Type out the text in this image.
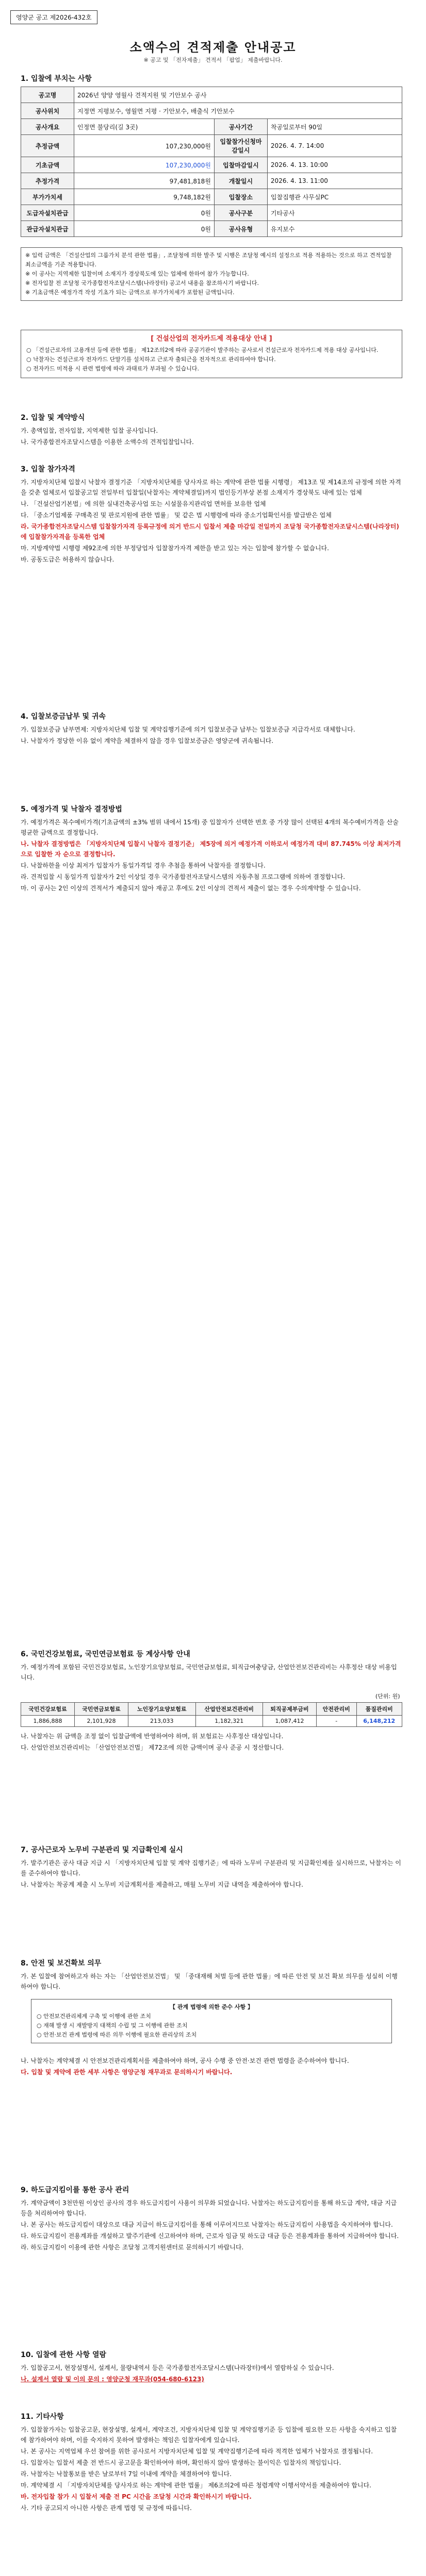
영양군 공고 제2026-432호
소액수의 견적제출 안내공고
※ 공고 및 「전자제출」 견적서 「팝업」 제출바랍니다.
1. 입찰에 부치는 사항
공고명	2026년 양양 영월사 견적지원 및 기안보수 공사		
공사위치	지정면 지평보수, 영월면 지평 · 기안보수, 배출식 기안보수		
공사개요	인정면 불당리(길 3곳)	공사기간	착공일로부터 90일
추정금액	107,230,000원	입찰참가신청마감일시	2026. 4. 7. 14:00
기초금액	107,230,000원	입찰마감일시	2026. 4. 13. 10:00
추정가격	97,481,818원	개찰일시	2026. 4. 13. 11:00
부가가치세	9,748,182원	입찰장소	입찰집행관 사무실PC
도급자설치관급	0원	공사구분	기타공사
관급자설치관급	0원	공사유형	유지보수
※ 입력 금액은 「건설산업의 그룹가치 분석 관한 법률」, 조달청에 의한 발주 및 시행은 조달청 예시의 설정으로 적용 적용하는 것으로 하고 견적입찰 최소금액을 기준 적용합니다.
※ 이 공사는 지역제한 입찰이며 소재지가 경상북도에 있는 업체에 한하여 참가 가능합니다.
※ 전자입찰 전 조달청 국가종합전자조달시스템(나라장터) 공고서 내용을 참조하시기 바랍니다.
※ 기초금액은 예정가격 작성 기초가 되는 금액으로 부가가치세가 포함된 금액입니다.
[ 건설산업의 전자카드제 적용대상 안내 ]
○ 「건설근로자의 고용개선 등에 관한 법률」 제12조의2에 따라 공공기관이 발주하는 공사로서 건설근로자 전자카드제 적용 대상 공사입니다.
○ 낙찰자는 건설근로자 전자카드 단말기를 설치하고 근로자 출퇴근을 전자적으로 관리하여야 합니다.
○ 전자카드 미적용 시 관련 법령에 따라 과태료가 부과될 수 있습니다.
2. 입찰 및 계약방식

가. 총액입찰, 전자입찰, 지역제한 입찰 공사입니다.

나. 국가종합전자조달시스템을 이용한 소액수의 견적입찰입니다.

3. 입찰 참가자격

가. 지방자치단체 입찰시 낙찰자 결정기준 「지방자치단체를 당사자로 하는 계약에 관한 법률 시행령」 제13조 및 제14조의 규정에 의한 자격을 갖춘 업체로서 입찰공고일 전일부터 입찰일(낙찰자는 계약체결일)까지 법인등기부상 본점 소재지가 경상북도 내에 있는 업체

나. 「건설산업기본법」에 의한 실내건축공사업 또는 시설물유지관리업 면허를 보유한 업체

다. 「중소기업제품 구매촉진 및 판로지원에 관한 법률」 및 같은 법 시행령에 따라 중소기업확인서를 발급받은 업체

라. 국가종합전자조달시스템 입찰참가자격 등록규정에 의거 반드시 입찰서 제출 마감일 전일까지 조달청 국가종합전자조달시스템(나라장터)에 입찰참가자격을 등록한 업체

마. 지방계약법 시행령 제92조에 의한 부정당업자 입찰참가자격 제한을 받고 있는 자는 입찰에 참가할 수 없습니다.

바. 공동도급은 허용하지 않습니다.

4. 입찰보증금납부 및 귀속

가. 입찰보증금 납부면제: 지방자치단체 입찰 및 계약집행기준에 의거 입찰보증금 납부는 입찰보증금 지급각서로 대체합니다.

나. 낙찰자가 정당한 이유 없이 계약을 체결하지 않을 경우 입찰보증금은 영양군에 귀속됩니다.

5. 예정가격 및 낙찰자 결정방법

가. 예정가격은 복수예비가격(기초금액의 ±3% 범위 내에서 15개) 중 입찰자가 선택한 번호 중 가장 많이 선택된 4개의 복수예비가격을 산술평균한 금액으로 결정합니다.

나. 낙찰자 결정방법은 「지방자치단체 입찰시 낙찰자 결정기준」 제5장에 의거 예정가격 이하로서 예정가격 대비 87.745% 이상 최저가격으로 입찰한 자 순으로 결정합니다.

다. 낙찰하한율 이상 최저가 입찰자가 동일가격일 경우 추첨을 통하여 낙찰자를 결정합니다.

라. 견적입찰 시 동일가격 입찰자가 2인 이상일 경우 국가종합전자조달시스템의 자동추첨 프로그램에 의하여 결정합니다.

마. 이 공사는 2인 이상의 견적서가 제출되지 않아 재공고 후에도 2인 이상의 견적서 제출이 없는 경우 수의계약할 수 있습니다.

6. 국민건강보험료, 국민연금보험료 등 계상사항 안내
가. 예정가격에 포함된 국민건강보험료, 노인장기요양보험료, 국민연금보험료, 퇴직급여충당금, 산업안전보건관리비는 사후정산 대상 비용입니다.
(단위: 원)						
국민건강보험료	국민연금보험료	노인장기요양보험료	산업안전보건관리비	퇴직공제부금비	안전관리비	품질관리비
1,886,888	2,101,928	213,033	1,182,321	1,087,412	-	6,148,212

나. 낙찰자는 위 금액을 조정 없이 입찰금액에 반영하여야 하며, 위 보험료는 사후정산 대상입니다.

다. 산업안전보건관리비는 「산업안전보건법」 제72조에 의한 금액이며 공사 준공 시 정산합니다.

7. 공사근로자 노무비 구분관리 및 지급확인제 실시

가. 발주기관은 공사 대금 지급 시 「지방자치단체 입찰 및 계약 집행기준」에 따라 노무비 구분관리 및 지급확인제를 실시하므로, 낙찰자는 이를 준수하여야 합니다.

나. 낙찰자는 착공계 제출 시 노무비 지급계획서를 제출하고, 매월 노무비 지급 내역을 제출하여야 합니다.

8. 안전 및 보건확보 의무

가. 본 입찰에 참여하고자 하는 자는 「산업안전보건법」 및 「중대재해 처벌 등에 관한 법률」에 따른 안전 및 보건 확보 의무를 성실히 이행하여야 합니다.

【 관계 법령에 의한 준수 사항 】
○ 안전보건관리체계 구축 및 이행에 관한 조치
○ 재해 발생 시 재발방지 대책의 수립 및 그 이행에 관한 조치
○ 안전·보건 관계 법령에 따른 의무 이행에 필요한 관리상의 조치

나. 낙찰자는 계약체결 시 안전보건관리계획서를 제출하여야 하며, 공사 수행 중 안전·보건 관련 법령을 준수하여야 합니다.

다. 입찰 및 계약에 관한 세부 사항은 영양군청 재무과로 문의하시기 바랍니다.

9. 하도급지킴이를 통한 공사 관리

가. 계약금액이 3천만원 이상인 공사의 경우 하도급지킴이 사용이 의무화 되었습니다. 낙찰자는 하도급지킴이를 통해 하도급 계약, 대금 지급 등을 처리하여야 합니다.

나. 본 공사는 하도급지킴이 대상으로 대금 지급이 하도급지킴이를 통해 이루어지므로 낙찰자는 하도급지킴이 사용법을 숙지하여야 합니다.

다. 하도급지킴이 전용계좌를 개설하고 발주기관에 신고하여야 하며, 근로자 임금 및 하도급 대금 등은 전용계좌를 통하여 지급하여야 합니다.

라. 하도급지킴이 이용에 관한 사항은 조달청 고객지원센터로 문의하시기 바랍니다.

10. 입찰에 관한 사항 열람

가. 입찰공고서, 현장설명서, 설계서, 물량내역서 등은 국가종합전자조달시스템(나라장터)에서 열람하실 수 있습니다.

나. 설계서 열람 및 이의 문의 : 영양군청 재무과(054-680-6123)

11. 기타사항

가. 입찰참가자는 입찰공고문, 현장설명, 설계서, 계약조건, 지방자치단체 입찰 및 계약집행기준 등 입찰에 필요한 모든 사항을 숙지하고 입찰에 참가하여야 하며, 이를 숙지하지 못하여 발생하는 책임은 입찰자에게 있습니다.

나. 본 공사는 지역업체 우선 참여를 위한 공사로서 지방자치단체 입찰 및 계약집행기준에 따라 적격한 업체가 낙찰자로 결정됩니다.

다. 입찰자는 입찰서 제출 전 반드시 공고문을 확인하여야 하며, 확인하지 않아 발생하는 불이익은 입찰자의 책임입니다.

라. 낙찰자는 낙찰통보를 받은 날로부터 7일 이내에 계약을 체결하여야 합니다.

마. 계약체결 시 「지방자치단체를 당사자로 하는 계약에 관한 법률」 제6조의2에 따른 청렴계약 이행서약서를 제출하여야 합니다.

바. 전자입찰 참가 시 입찰서 제출 전 PC 시간을 조달청 시간과 확인하시기 바랍니다.

사. 기타 공고되지 아니한 사항은 관계 법령 및 규정에 따릅니다.
